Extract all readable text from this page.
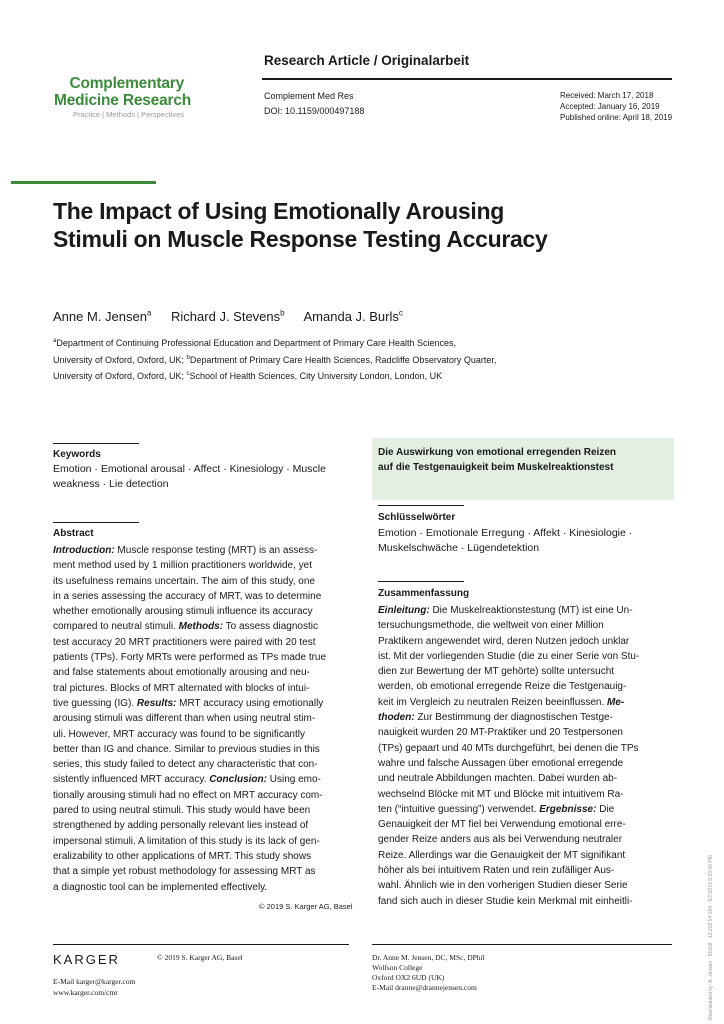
Complementary
Medicine Research
Practice | Methods | Perspectives
Research Article / Originalarbeit
Complement Med Res
DOI: 10.1159/000497188
Received: March 17, 2018
Accepted: January 16, 2019
Published online: April 18, 2019
The Impact of Using Emotionally Arousing Stimuli on Muscle Response Testing Accuracy
Anne M. Jensen$^a$ Richard J. Stevens$^b$ Amanda J. Burls$^c$

$^a$Department of Continuing Professional Education and Department of Primary Care Health Sciences,

University of Oxford, Oxford, UK; $^b$Department of Primary Care Health Sciences, Radcliffe Observatory Quarter,

University of Oxford, Oxford, UK; $^c$School of Health Sciences, City University London, London, UK

Keywords

Emotion · Emotional arousal · Affect · Kinesiology · Muscle

weakness · Lie detection

Abstract

Introduction: Muscle response testing (MRT) is an assess-

ment method used by 1 million practitioners worldwide, yet

its usefulness remains uncertain. The aim of this study, one

in a series assessing the accuracy of MRT, was to determine

whether emotionally arousing stimuli influence its accuracy

compared to neutral stimuli. Methods: To assess diagnostic

test accuracy 20 MRT practitioners were paired with 20 test

patients (TPs). Forty MRTs were performed as TPs made true

and false statements about emotionally arousing and neu-

tral pictures. Blocks of MRT alternated with blocks of intui-

tive guessing (IG). Results: MRT accuracy using emotionally

arousing stimuli was different than when using neutral stim-

uli. However, MRT accuracy was found to be significantly

better than IG and chance. Similar to previous studies in this

series, this study failed to detect any characteristic that con-

sistently influenced MRT accuracy. Conclusion: Using emo-

tionally arousing stimuli had no effect on MRT accuracy com-

pared to using neutral stimuli. This study would have been

strengthened by adding personally relevant lies instead of

impersonal stimuli. A limitation of this study is its lack of gen-

eralizability to other applications of MRT. This study shows

that a simple yet robust methodology for assessing MRT as

a diagnostic tool can be implemented effectively.

© 2019 S. Karger AG, Basel

Die Auswirkung von emotional erregenden Reizen

auf die Testgenauigkeit beim Muskelreaktionstest

Schlüsselwörter

Emotion · Emotionale Erregung · Affekt · Kinesiologie ·

Muskelschwäche · Lügendetektion

Zusammenfassung

Einleitung: Die Muskelreaktionstestung (MT) ist eine Un-

tersuchungsmethode, die weltweit von einer Million

Praktikern angewendet wird, deren Nutzen jedoch unklar

ist. Mit der vorliegenden Studie (die zu einer Serie von Stu-

dien zur Bewertung der MT gehörte) sollte untersucht

werden, ob emotional erregende Reize die Testgenauig-

keit im Vergleich zu neutralen Reizen beeinflussen. Me-

thoden: Zur Bestimmung der diagnostischen Testge-

nauigkeit wurden 20 MT-Praktiker und 20 Testpersonen

(TPs) gepaart und 40 MTs durchgeführt, bei denen die TPs

wahre und falsche Aussagen über emotional erregende

und neutrale Abbildungen machten. Dabei wurden ab-

wechselnd Blöcke mit MT und Blöcke mit intuitivem Ra-

ten (“intuitive guessing”) verwendet. Ergebnisse: Die

Genauigkeit der MT fiel bei Verwendung emotional erre-

gender Reize anders aus als bei Verwendung neutraler

Reize. Allerdings war die Genauigkeit der MT signifikant

höher als bei intuitivem Raten und rein zufälliger Aus-

wahl. Ähnlich wie in den vorherigen Studien dieser Serie

fand sich auch in dieser Studie kein Merkmal mit einheitli-

KARGER	© 2019 S. Karger AG, Basel
E-Mail karger@karger.com
www.karger.com/cmr

Dr. Anne M. Jensen, DC, MSc, DPhil

Wolfson College

Oxford OX2 6UD (UK)

E-Mail dranne@drannejensen.com	Downloaded by: A. Jensen · 51608 · 12.202.54.184 · 5/7/2019 8:23:00 PM
